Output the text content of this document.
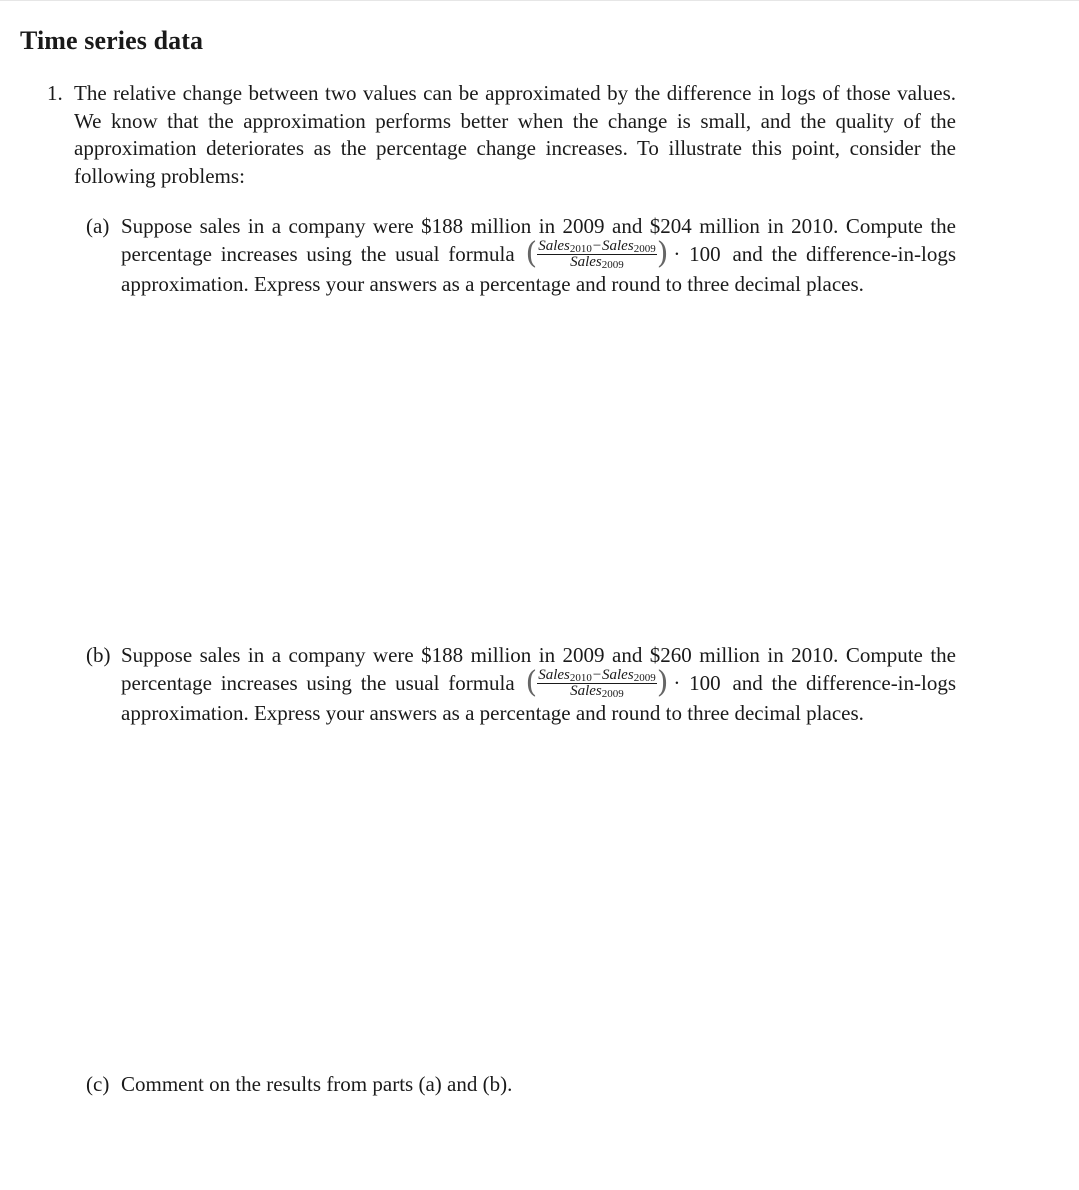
Time series data
1. The relative change between two values can be approximated by the difference in logs of those values. We know that the approximation performs better when the change is small, and the quality of the approximation deteriorates as the percentage change increases. To illustrate this point, consider the following problems:
(a) Suppose sales in a company were $188 million in 2009 and $204 million in 2010. Compute the
percentage increases using the usual formula ( $\frac{Sales_{2010}-Sales_{2009}}{Sales_{2009}}$ ) · 100 and the difference-in-logs
approximation. Express your answers as a percentage and round to three decimal places.
(b) Suppose sales in a company were $188 million in 2009 and $260 million in 2010. Compute the
percentage increases using the usual formula ( $\frac{Sales_{2010}-Sales_{2009}}{Sales_{2009}}$ ) · 100 and the difference-in-logs
approximation. Express your answers as a percentage and round to three decimal places.
(c) Comment on the results from parts (a) and (b).
